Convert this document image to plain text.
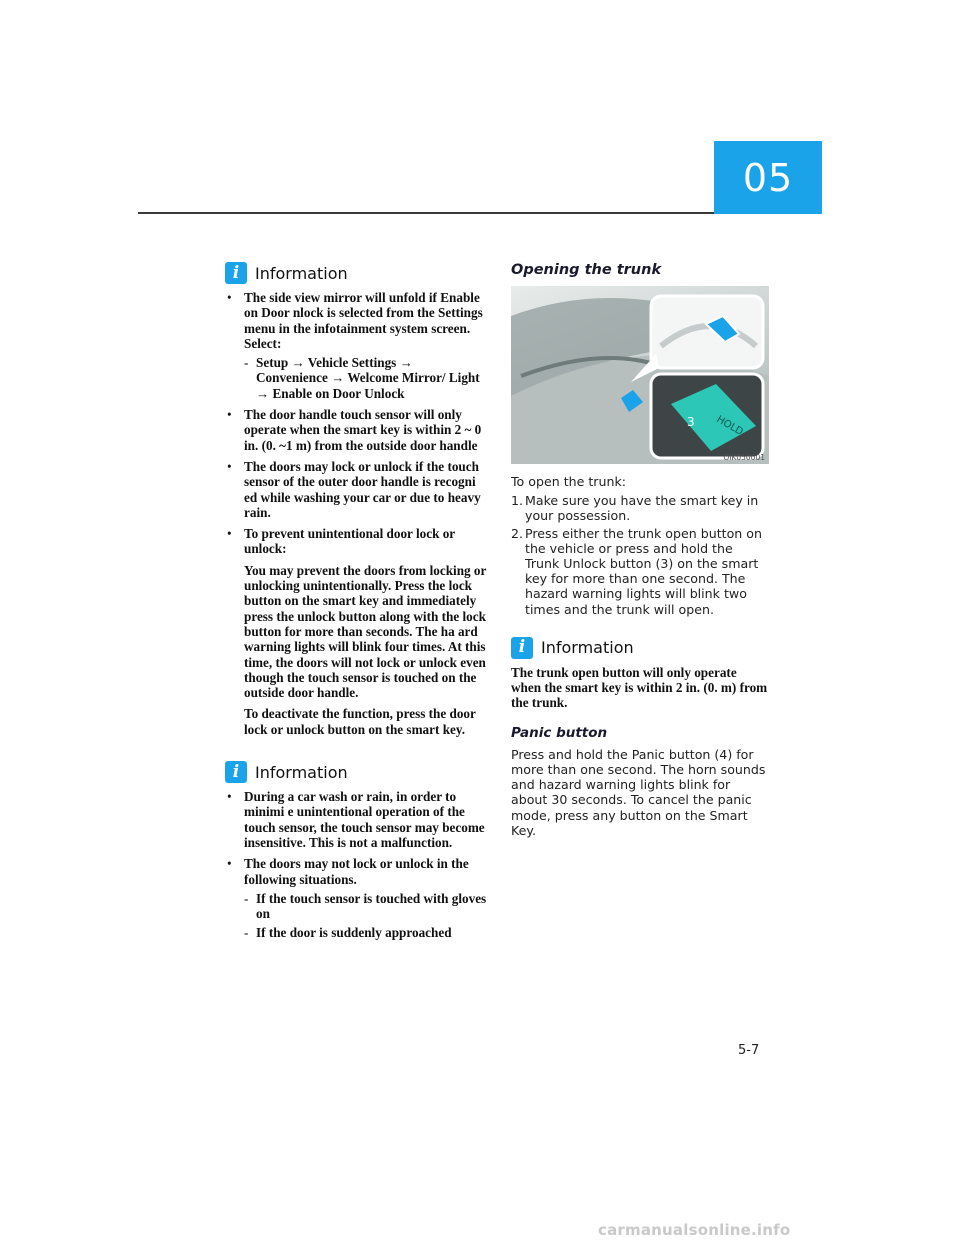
05
i Information
• The side view mirror will unfold if Enable on Door nlock is selected from the Settings menu in the infotainment system screen. Select:
- Setup → Vehicle Settings → Convenience → Welcome Mirror/ Light → Enable on Door Unlock
• The door handle touch sensor will only operate when the smart key is within 2 ~ 0 in. (0. ~1 m) from the outside door handle
• The doors may lock or unlock if the touch sensor of the outer door handle is recogni ed while washing your car or due to heavy rain.
• To prevent unintentional door lock or unlock:
You may prevent the doors from locking or unlocking unintentionally. Press the lock button on the smart key and immediately press the unlock button along with the lock button for more than seconds. The ha ard warning lights will blink four times. At this time, the doors will not lock or unlock even though the touch sensor is touched on the outside door handle.
To deactivate the function, press the door lock or unlock button on the smart key.
i Information
• During a car wash or rain, in order to minimi e unintentional operation of the touch sensor, the touch sensor may become insensitive. This is not a malfunction.
• The doors may not lock or unlock in the following situations.
- If the touch sensor is touched with gloves on
- If the door is suddenly approached
Opening the trunk
HOLD
3
OIK050001
To open the trunk:
1. Make sure you have the smart key in your possession.
2. Press either the trunk open button on the vehicle or press and hold the Trunk Unlock button (3) on the smart key for more than one second. The hazard warning lights will blink two times and the trunk will open.
i Information
The trunk open button will only operate when the smart key is within 2 in. (0. m) from the trunk.
Panic button
Press and hold the Panic button (4) for more than one second. The horn sounds and hazard warning lights blink for about 30 seconds. To cancel the panic mode, press any button on the Smart Key.
5-7
carmanualsonline.info
